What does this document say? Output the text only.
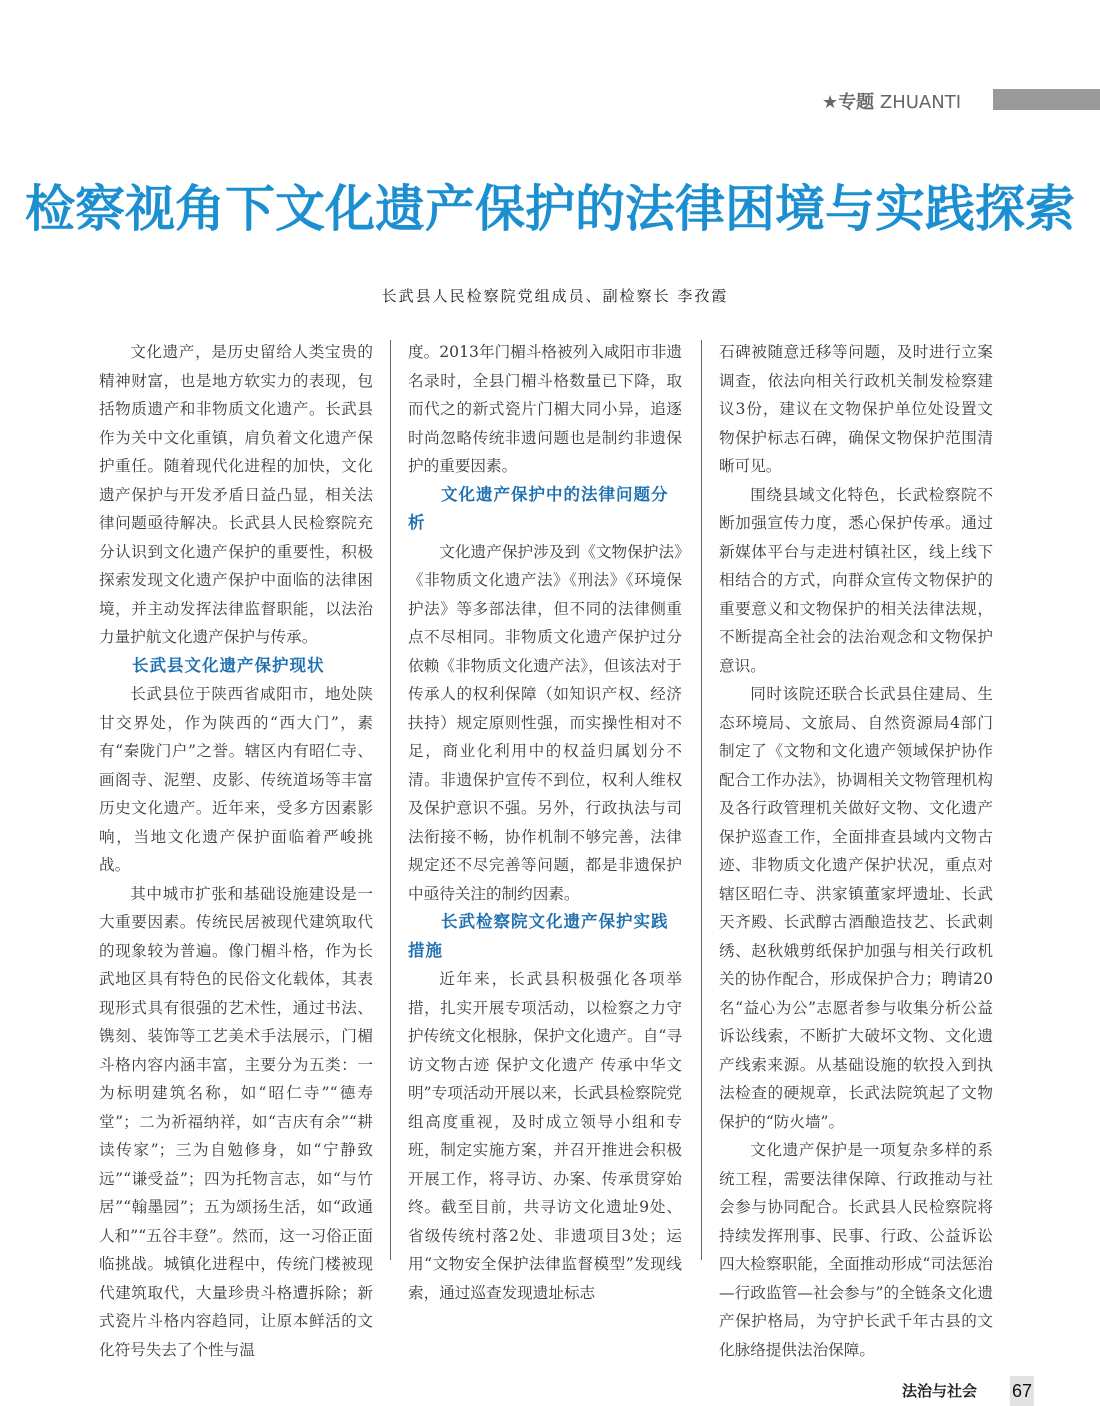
★专题 ZHUANTI
检察视角下文化遗产保护的法律困境与实践探索
长武县人民检察院党组成员、副检察长 李孜霞

文化遗产，是历史留给人类宝贵的精神财富，也是地方软实力的表现，包括物质遗产和非物质文化遗产。长武县作为关中文化重镇，肩负着文化遗产保护重任。随着现代化进程的加快，文化遗产保护与开发矛盾日益凸显，相关法律问题亟待解决。长武县人民检察院充分认识到文化遗产保护的重要性，积极探索发现文化遗产保护中面临的法律困境，并主动发挥法律监督职能，以法治力量护航文化遗产保护与传承。

长武县文化遗产保护现状

长武县位于陕西省咸阳市，地处陕甘交界处，作为陕西的“西大门”，素有“秦陇门户”之誉。辖区内有昭仁寺、画阁寺、泥塑、皮影、传统道场等丰富历史文化遗产。近年来，受多方因素影响，当地文化遗产保护面临着严峻挑战。

其中城市扩张和基础设施建设是一大重要因素。传统民居被现代建筑取代的现象较为普遍。像门楣斗格，作为长武地区具有特色的民俗文化载体，其表现形式具有很强的艺术性，通过书法、镌刻、装饰等工艺美术手法展示，门楣斗格内容内涵丰富，主要分为五类：一为标明建筑名称，如“昭仁寺”“德寿堂”；二为祈福纳祥，如“吉庆有余”“耕读传家”；三为自勉修身，如“宁静致远”“谦受益”；四为托物言志，如“与竹居”“翰墨园”；五为颂扬生活，如“政通人和”“五谷丰登”。然而，这一习俗正面临挑战。城镇化进程中，传统门楼被现代建筑取代，大量珍贵斗格遭拆除；新式瓷片斗格内容趋同，让原本鲜活的文化符号失去了个性与温

度。2013年门楣斗格被列入咸阳市非遗名录时，全县门楣斗格数量已下降，取而代之的新式瓷片门楣大同小异，追逐时尚忽略传统非遗问题也是制约非遗保护的重要因素。

文化遗产保护中的法律问题分析

文化遗产保护涉及到《文物保护法》《非物质文化遗产法》《刑法》《环境保护法》等多部法律，但不同的法律侧重点不尽相同。非物质文化遗产保护过分依赖《非物质文化遗产法》，但该法对于传承人的权利保障（如知识产权、经济扶持）规定原则性强，而实操性相对不足，商业化利用中的权益归属划分不清。非遗保护宣传不到位，权利人维权及保护意识不强。另外，行政执法与司法衔接不畅，协作机制不够完善，法律规定还不尽完善等问题，都是非遗保护中亟待关注的制约因素。

长武检察院文化遗产保护实践措施

近年来，长武县积极强化各项举措，扎实开展专项活动，以检察之力守护传统文化根脉，保护文化遗产。自“寻访文物古迹 保护文化遗产 传承中华文明”专项活动开展以来，长武县检察院党组高度重视，及时成立领导小组和专班，制定实施方案，并召开推进会积极开展工作，将寻访、办案、传承贯穿始终。截至目前，共寻访文化遗址9处、省级传统村落2处、非遗项目3处；运用“文物安全保护法律监督模型”发现线索，通过巡查发现遗址标志

石碑被随意迁移等问题，及时进行立案调查，依法向相关行政机关制发检察建议3份，建议在文物保护单位处设置文物保护标志石碑，确保文物保护范围清晰可见。

围绕县域文化特色，长武检察院不断加强宣传力度，悉心保护传承。通过新媒体平台与走进村镇社区，线上线下相结合的方式，向群众宣传文物保护的重要意义和文物保护的相关法律法规，不断提高全社会的法治观念和文物保护意识。

同时该院还联合长武县住建局、生态环境局、文旅局、自然资源局4部门制定了《文物和文化遗产领域保护协作配合工作办法》，协调相关文物管理机构及各行政管理机关做好文物、文化遗产保护巡查工作，全面排查县域内文物古迹、非物质文化遗产保护状况，重点对辖区昭仁寺、洪家镇董家坪遗址、长武天齐殿、长武醇古酒酿造技艺、长武刺绣、赵秋娥剪纸保护加强与相关行政机关的协作配合，形成保护合力；聘请20名“益心为公”志愿者参与收集分析公益诉讼线索，不断扩大破坏文物、文化遗产线索来源。从基础设施的软投入到执法检查的硬规章，长武法院筑起了文物保护的“防火墙”。

文化遗产保护是一项复杂多样的系统工程，需要法律保障、行政推动与社会参与协同配合。长武县人民检察院将持续发挥刑事、民事、行政、公益诉讼四大检察职能，全面推动形成“司法惩治—行政监管—社会参与”的全链条文化遗产保护格局，为守护长武千年古县的文化脉络提供法治保障。

法治与社会 67
